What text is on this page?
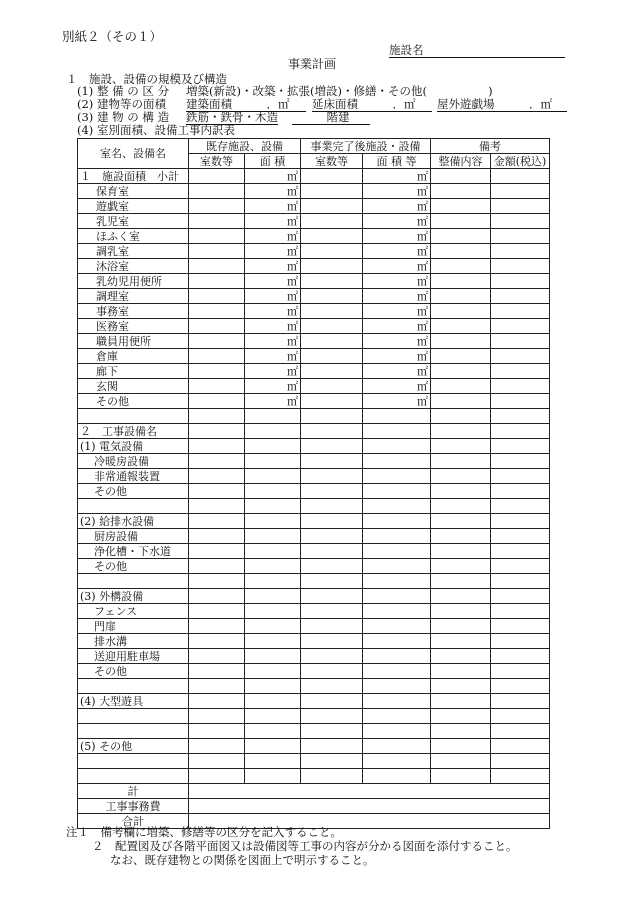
別紙２（その１）
施設名
事業計画
１　施設、設備の規模及び構造
(1) 整 備 の 区 分 増築(新設)・改築・拡張(増設)・修繕・その他(　　　　 　)
(2) 建物等の面積 建築面積　　　．㎡	延床面積　　　．㎡	屋外遊戯場　　　．㎡
(3) 建 物 の 構 造 鉄筋・鉄骨・木造 　　　階建
(4) 室別面積、設備工事内訳表
室名、設備名	既存施設、設備		事業完了後施設・設備		備考	
	室数等	面 積	室数等	面 積 等	整備内容	金額(税込)
１　施設面積　小計		㎡		㎡		
保育室		㎡		㎡		
遊戯室		㎡		㎡		
乳児室		㎡		㎡		
ほふく室		㎡		㎡		
調乳室		㎡		㎡		
沐浴室		㎡		㎡		
乳幼児用便所		㎡		㎡		
調理室		㎡		㎡		
事務室		㎡		㎡		
医務室		㎡		㎡		
職員用便所		㎡		㎡		
倉庫		㎡		㎡		
廊下		㎡		㎡		
玄関		㎡		㎡		
その他		㎡		㎡		

２　工事設備名						
(1) 電気設備						
冷暖房設備						
非常通報装置						
その他						

(2) 給排水設備						
厨房設備						
浄化槽・下水道						
その他						

(3) 外構設備						
フェンス						
門扉						
排水溝						
送迎用駐車場						
その他						

(4) 大型遊具						

(5) その他						

計						
工事事務費						
合計						
注１　備考欄に増築、修繕等の区分を記入すること。
２　配置図及び各階平面図又は設備図等工事の内容が分かる図面を添付すること。
なお、既存建物との関係を図面上で明示すること。
